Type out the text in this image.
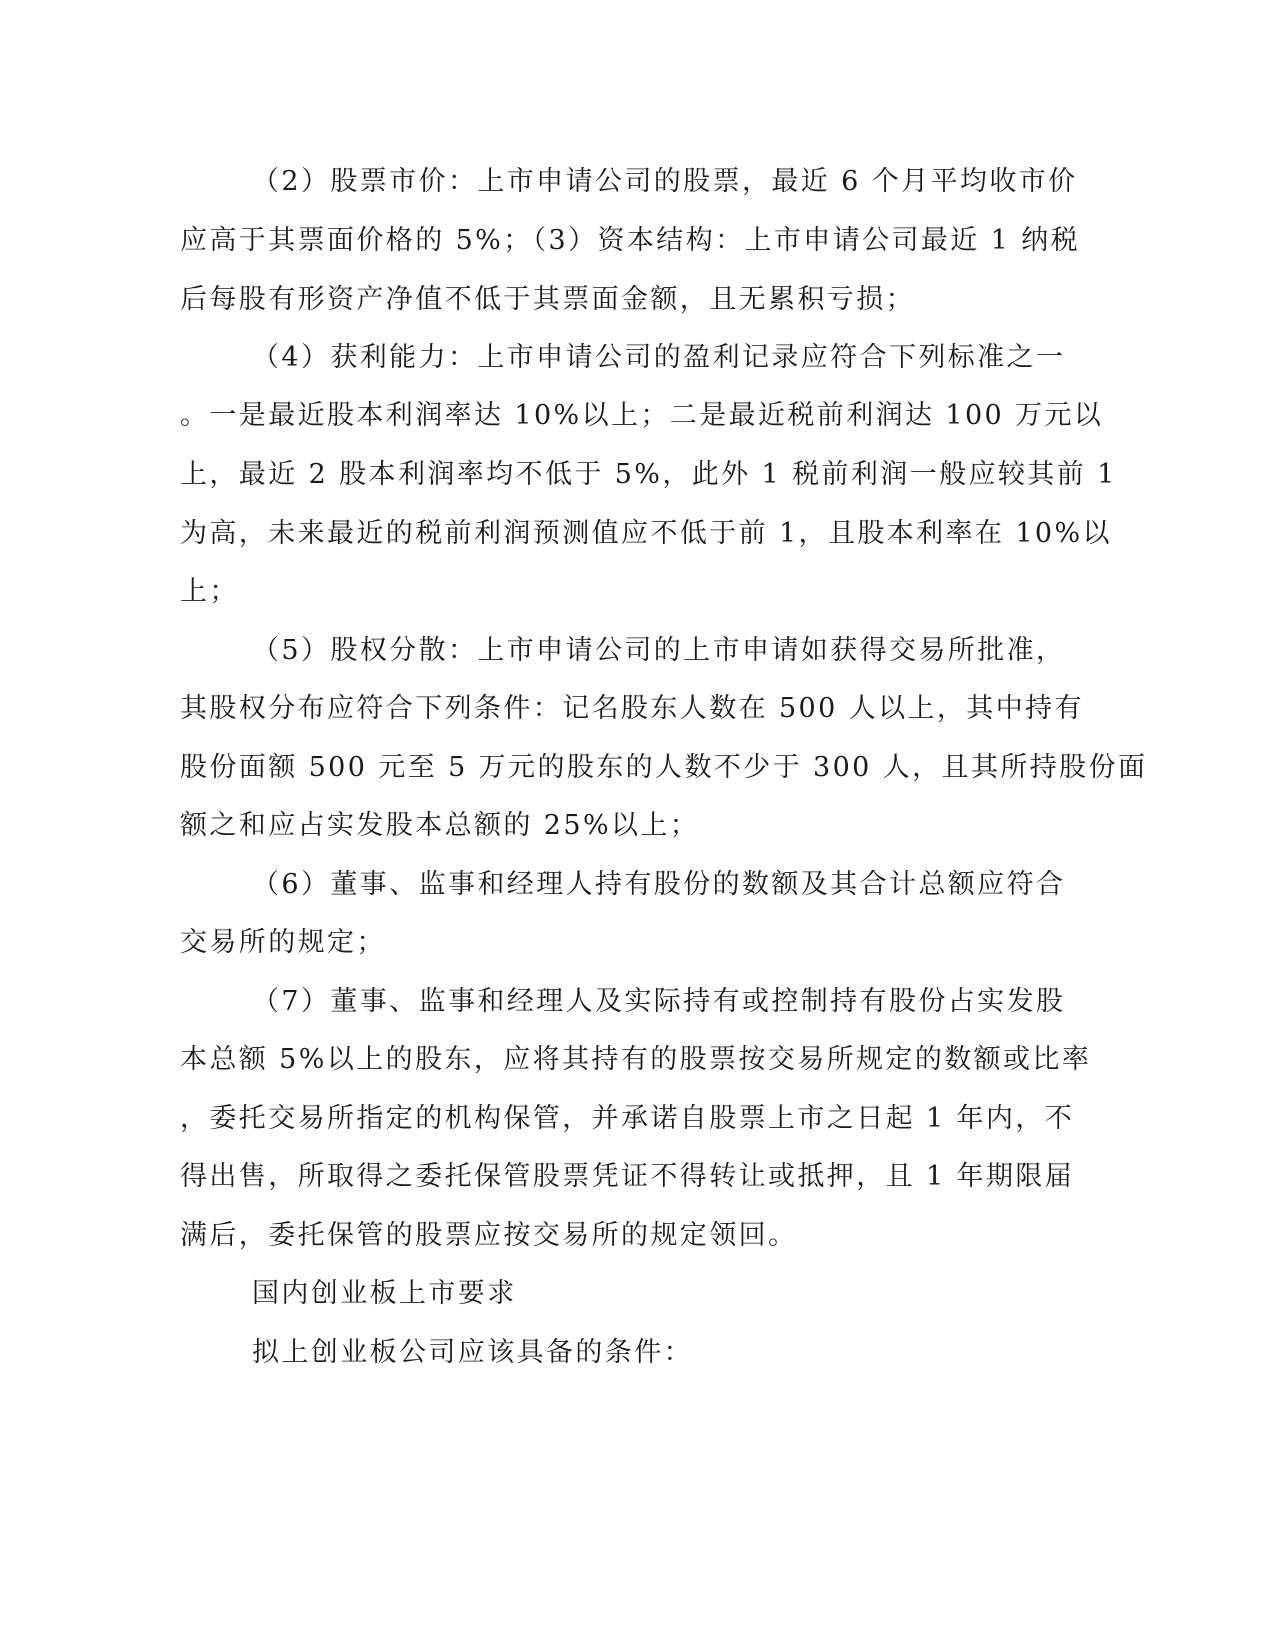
（2）股票市价：上市申请公司的股票，最近 6 个月平均收市价

应高于其票面价格的 5%；（3）资本结构：上市申请公司最近 1 纳税

后每股有形资产净值不低于其票面金额，且无累积亏损；

（4）获利能力：上市申请公司的盈利记录应符合下列标准之一

。一是最近股本利润率达 10%以上；二是最近税前利润达 100 万元以

上，最近 2 股本利润率均不低于 5%，此外 1 税前利润一般应较其前 1

为高，未来最近的税前利润预测值应不低于前 1，且股本利率在 10%以

上；

（5）股权分散：上市申请公司的上市申请如获得交易所批准，

其股权分布应符合下列条件：记名股东人数在 500 人以上，其中持有

股份面额 500 元至 5 万元的股东的人数不少于 300 人，且其所持股份面

额之和应占实发股本总额的 25%以上；

（6）董事、监事和经理人持有股份的数额及其合计总额应符合

交易所的规定；

（7）董事、监事和经理人及实际持有或控制持有股份占实发股

本总额 5%以上的股东，应将其持有的股票按交易所规定的数额或比率

，委托交易所指定的机构保管，并承诺自股票上市之日起 1 年内，不

得出售，所取得之委托保管股票凭证不得转让或抵押，且 1 年期限届

满后，委托保管的股票应按交易所的规定领回。

国内创业板上市要求

拟上创业板公司应该具备的条件：
